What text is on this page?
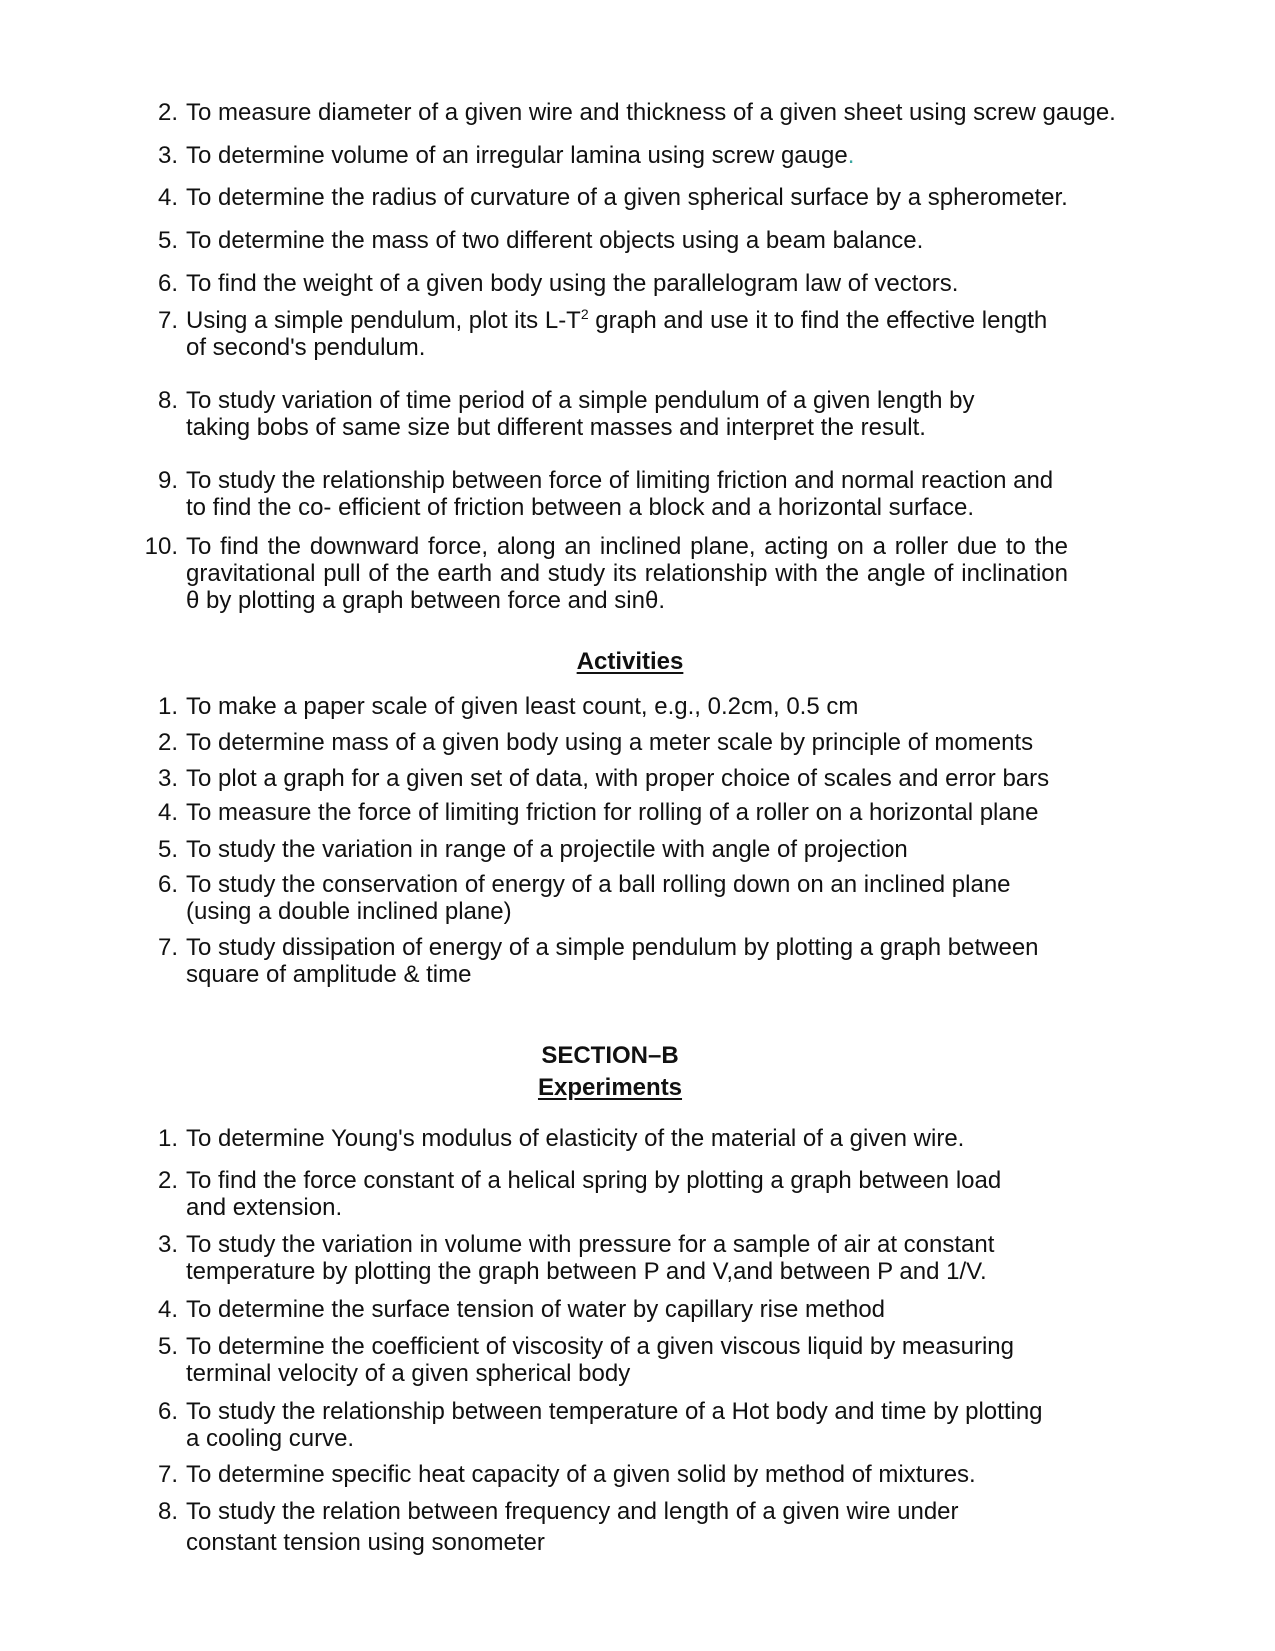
2. To measure diameter of a given wire and thickness of a given sheet using screw gauge.
3. To determine volume of an irregular lamina using screw gauge.
4. To determine the radius of curvature of a given spherical surface by a spherometer.
5. To determine the mass of two different objects using a beam balance.
6. To find the weight of a given body using the parallelogram law of vectors.
7. Using a simple pendulum, plot its $L-T^2$ graph and use it to find the effective length of second's pendulum.
8. To study variation of time period of a simple pendulum of a given length by taking bobs of same size but different masses and interpret the result.
9. To study the relationship between force of limiting friction and normal reaction and to find the co- efficient of friction between a block and a horizontal surface.
10. To find the downward force, along an inclined plane, acting on a roller due to the gravitational pull of the earth and study its relationship with the angle of inclination θ by plotting a graph between force and sinθ.
Activities
1. To make a paper scale of given least count, e.g., 0.2cm, 0.5 cm
2. To determine mass of a given body using a meter scale by principle of moments
3. To plot a graph for a given set of data, with proper choice of scales and error bars
4. To measure the force of limiting friction for rolling of a roller on a horizontal plane
5. To study the variation in range of a projectile with angle of projection
6. To study the conservation of energy of a ball rolling down on an inclined plane (using a double inclined plane)
7. To study dissipation of energy of a simple pendulum by plotting a graph between square of amplitude & time
SECTION–B
Experiments
1. To determine Young's modulus of elasticity of the material of a given wire.
2. To find the force constant of a helical spring by plotting a graph between load and extension.
3. To study the variation in volume with pressure for a sample of air at constant temperature by plotting the graph between P and V,and between P and 1/V.
4. To determine the surface tension of water by capillary rise method
5. To determine the coefficient of viscosity of a given viscous liquid by measuring terminal velocity of a given spherical body
6. To study the relationship between temperature of a Hot body and time by plotting a cooling curve.
7. To determine specific heat capacity of a given solid by method of mixtures.
8. To study the relation between frequency and length of a given wire under constant tension using sonometer
